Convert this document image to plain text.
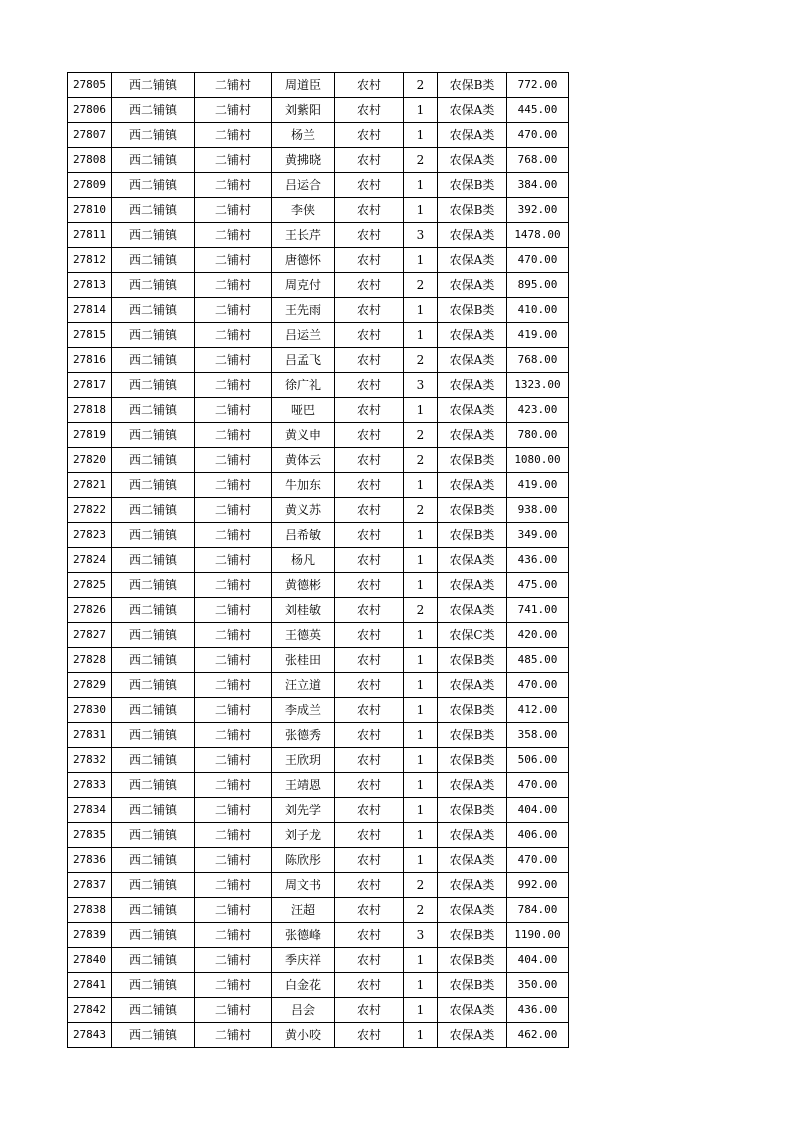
27805	西二铺镇	二铺村	周道臣	农村	2	农保B类	772.00
27806	西二铺镇	二铺村	刘紫阳	农村	1	农保A类	445.00
27807	西二铺镇	二铺村	杨兰	农村	1	农保A类	470.00
27808	西二铺镇	二铺村	黄拂晓	农村	2	农保A类	768.00
27809	西二铺镇	二铺村	吕运合	农村	1	农保B类	384.00
27810	西二铺镇	二铺村	李侠	农村	1	农保B类	392.00
27811	西二铺镇	二铺村	王长芹	农村	3	农保A类	1478.00
27812	西二铺镇	二铺村	唐德怀	农村	1	农保A类	470.00
27813	西二铺镇	二铺村	周克付	农村	2	农保A类	895.00
27814	西二铺镇	二铺村	王先雨	农村	1	农保B类	410.00
27815	西二铺镇	二铺村	吕运兰	农村	1	农保A类	419.00
27816	西二铺镇	二铺村	吕孟飞	农村	2	农保A类	768.00
27817	西二铺镇	二铺村	徐广礼	农村	3	农保A类	1323.00
27818	西二铺镇	二铺村	哑巴	农村	1	农保A类	423.00
27819	西二铺镇	二铺村	黄义申	农村	2	农保A类	780.00
27820	西二铺镇	二铺村	黄体云	农村	2	农保B类	1080.00
27821	西二铺镇	二铺村	牛加东	农村	1	农保A类	419.00
27822	西二铺镇	二铺村	黄义苏	农村	2	农保B类	938.00
27823	西二铺镇	二铺村	吕希敏	农村	1	农保B类	349.00
27824	西二铺镇	二铺村	杨凡	农村	1	农保A类	436.00
27825	西二铺镇	二铺村	黄德彬	农村	1	农保A类	475.00
27826	西二铺镇	二铺村	刘桂敏	农村	2	农保A类	741.00
27827	西二铺镇	二铺村	王德英	农村	1	农保C类	420.00
27828	西二铺镇	二铺村	张桂田	农村	1	农保B类	485.00
27829	西二铺镇	二铺村	汪立道	农村	1	农保A类	470.00
27830	西二铺镇	二铺村	李成兰	农村	1	农保B类	412.00
27831	西二铺镇	二铺村	张德秀	农村	1	农保B类	358.00
27832	西二铺镇	二铺村	王欣玥	农村	1	农保B类	506.00
27833	西二铺镇	二铺村	王靖恩	农村	1	农保A类	470.00
27834	西二铺镇	二铺村	刘先学	农村	1	农保B类	404.00
27835	西二铺镇	二铺村	刘子龙	农村	1	农保A类	406.00
27836	西二铺镇	二铺村	陈欣彤	农村	1	农保A类	470.00
27837	西二铺镇	二铺村	周文书	农村	2	农保A类	992.00
27838	西二铺镇	二铺村	汪超	农村	2	农保A类	784.00
27839	西二铺镇	二铺村	张德峰	农村	3	农保B类	1190.00
27840	西二铺镇	二铺村	季庆祥	农村	1	农保B类	404.00
27841	西二铺镇	二铺村	白金花	农村	1	农保B类	350.00
27842	西二铺镇	二铺村	吕会	农村	1	农保A类	436.00
27843	西二铺镇	二铺村	黄小咬	农村	1	农保A类	462.00
